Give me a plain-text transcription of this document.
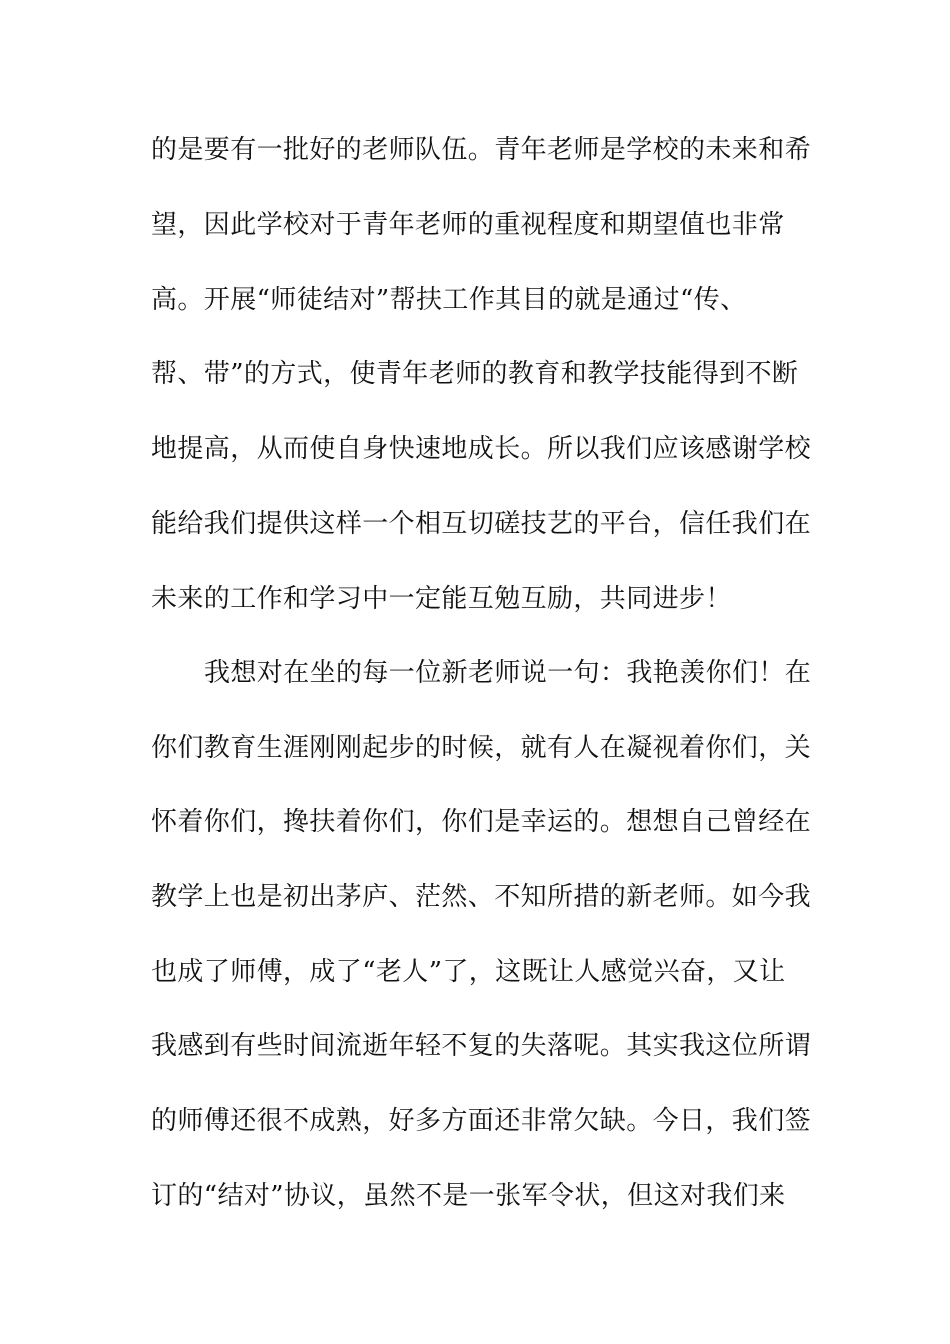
的是要有一批好的老师队伍。青年老师是学校的未来和希
望，因此学校对于青年老师的重视程度和期望值也非常
高。开展“师徒结对”帮扶工作其目的就是通过“传、
帮、带”的方式，使青年老师的教育和教学技能得到不断
地提高，从而使自身快速地成长。所以我们应该感谢学校
能给我们提供这样一个相互切磋技艺的平台，信任我们在
未来的工作和学习中一定能互勉互励，共同进步！
我想对在坐的每一位新老师说一句：我艳羡你们！在
你们教育生涯刚刚起步的时候，就有人在凝视着你们，关
怀着你们，搀扶着你们，你们是幸运的。想想自己曾经在
教学上也是初出茅庐、茫然、不知所措的新老师。如今我
也成了师傅，成了“老人”了，这既让人感觉兴奋，又让
我感到有些时间流逝年轻不复的失落呢。其实我这位所谓
的师傅还很不成熟，好多方面还非常欠缺。今日，我们签
订的“结对”协议，虽然不是一张军令状，但这对我们来
